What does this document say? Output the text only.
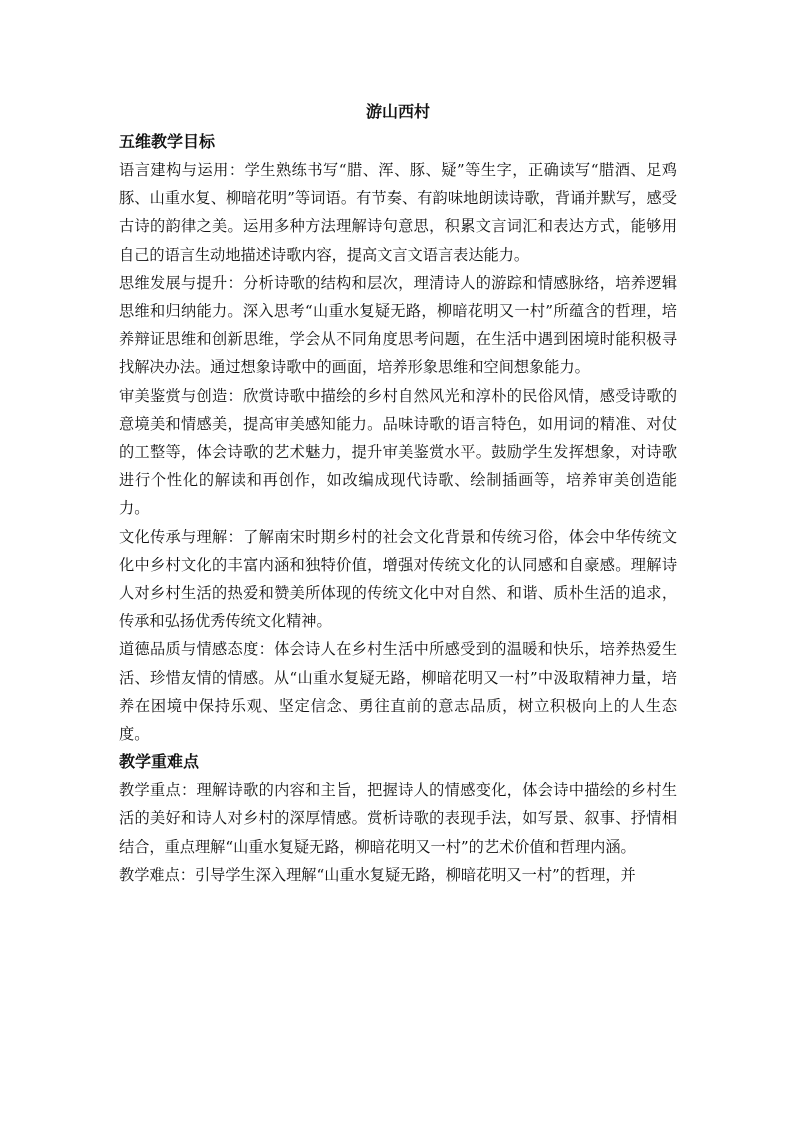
游山西村
五维教学目标

语言建构与运用：学生熟练书写“腊、浑、豚、疑”等生字，正确读写“腊酒、足鸡豚、山重水复、柳暗花明”等词语。有节奏、有韵味地朗读诗歌，背诵并默写，感受古诗的韵律之美。运用多种方法理解诗句意思，积累文言词汇和表达方式，能够用自己的语言生动地描述诗歌内容，提高文言文语言表达能力。

思维发展与提升：分析诗歌的结构和层次，理清诗人的游踪和情感脉络，培养逻辑思维和归纳能力。深入思考“山重水复疑无路，柳暗花明又一村”所蕴含的哲理，培养辩证思维和创新思维，学会从不同角度思考问题，在生活中遇到困境时能积极寻找解决办法。通过想象诗歌中的画面，培养形象思维和空间想象能力。

审美鉴赏与创造：欣赏诗歌中描绘的乡村自然风光和淳朴的民俗风情，感受诗歌的意境美和情感美，提高审美感知能力。品味诗歌的语言特色，如用词的精准、对仗的工整等，体会诗歌的艺术魅力，提升审美鉴赏水平。鼓励学生发挥想象，对诗歌进行个性化的解读和再创作，如改编成现代诗歌、绘制插画等，培养审美创造能力。

文化传承与理解：了解南宋时期乡村的社会文化背景和传统习俗，体会中华传统文化中乡村文化的丰富内涵和独特价值，增强对传统文化的认同感和自豪感。理解诗人对乡村生活的热爱和赞美所体现的传统文化中对自然、和谐、质朴生活的追求，传承和弘扬优秀传统文化精神。

道德品质与情感态度：体会诗人在乡村生活中所感受到的温暖和快乐，培养热爱生活、珍惜友情的情感。从“山重水复疑无路，柳暗花明又一村”中汲取精神力量，培养在困境中保持乐观、坚定信念、勇往直前的意志品质，树立积极向上的人生态度。

教学重难点

教学重点：理解诗歌的内容和主旨，把握诗人的情感变化，体会诗中描绘的乡村生活的美好和诗人对乡村的深厚情感。赏析诗歌的表现手法，如写景、叙事、抒情相结合，重点理解“山重水复疑无路，柳暗花明又一村”的艺术价值和哲理内涵。

教学难点：引导学生深入理解“山重水复疑无路，柳暗花明又一村”的哲理，并
